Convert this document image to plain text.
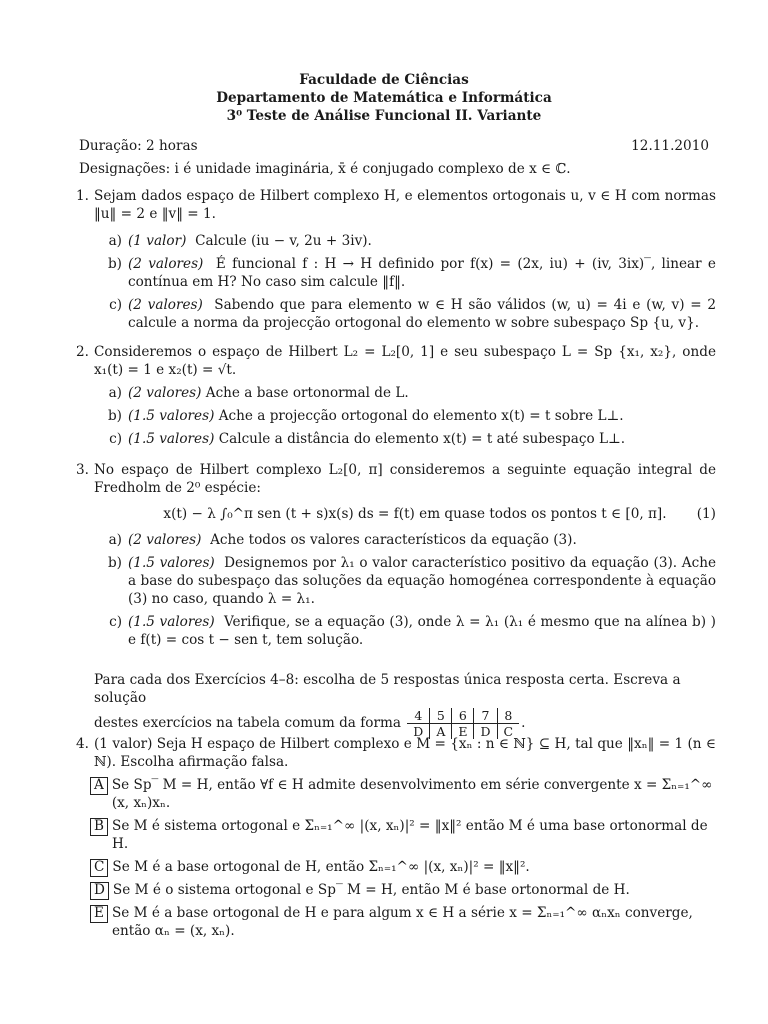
Faculdade de Ciências
Departamento de Matemática e Informática
3⁰ Teste de Análise Funcional II. Variante
Duração: 2 horas	12.11.2010
Designações: i é unidade imaginária, x̄ é conjugado complexo de x ∈ ℂ.
1. Sejam dados espaço de Hilbert complexo H, e elementos ortogonais u, v ∈ H com normas ‖u‖ = 2 e ‖v‖ = 1.
a) (1 valor) Calcule (iu − v, 2u + 3iv).
b) (2 valores) É funcional f : H → H definido por f(x) = (2x, iu) + (iv, 3ix)‾, linear e contínua em H? No caso sim calcule ‖f‖.
c) (2 valores) Sabendo que para elemento w ∈ H são válidos (w, u) = 4i e (w, v) = 2 calcule a norma da projecção ortogonal do elemento w sobre subespaço Sp {u, v}.
2. Consideremos o espaço de Hilbert L₂ = L₂[0, 1] e seu subespaço L = Sp {x₁, x₂}, onde x₁(t) = 1 e x₂(t) = √t.
a) (2 valores) Ache a base ortonormal de L.
b) (1.5 valores) Ache a projecção ortogonal do elemento x(t) = t sobre L⊥.
c) (1.5 valores) Calcule a distância do elemento x(t) = t até subespaço L⊥.
3. No espaço de Hilbert complexo L₂[0, π] consideremos a seguinte equação integral de Fredholm de 2⁰ espécie:
x(t) − λ ∫₀^π sen (t + s)x(s) ds = f(t) em quase todos os pontos t ∈ [0, π].	(1)
a) (2 valores) Ache todos os valores característicos da equação (3).
b) (1.5 valores) Designemos por λ₁ o valor característico positivo da equação (3). Ache a base do subespaço das soluções da equação homogénea correspondente à equação (3) no caso, quando λ = λ₁.
c) (1.5 valores) Verifique, se a equação (3), onde λ = λ₁ (λ₁ é mesmo que na alínea b) ) e f(t) = cos t − sen t, tem solução.
Para cada dos Exercícios 4–8: escolha de 5 respostas única resposta certa. Escreva a solução
destes exercícios na tabela comum da forma 4	5	6	7	8
D	A	E	D	C.
4. (1 valor) Seja H espaço de Hilbert complexo e M = {xₙ : n ∈ ℕ} ⊆ H, tal que ‖xₙ‖ = 1 (n ∈ ℕ). Escolha afirmação falsa.
A Se Sp‾ M = H, então ∀f ∈ H admite desenvolvimento em série convergente x = Σₙ₌₁^∞ (x, xₙ)xₙ.
B Se M é sistema ortogonal e Σₙ₌₁^∞ |(x, xₙ)|² = ‖x‖² então M é uma base ortonormal de H.
C Se M é a base ortogonal de H, então Σₙ₌₁^∞ |(x, xₙ)|² = ‖x‖².
D Se M é o sistema ortogonal e Sp‾ M = H, então M é base ortonormal de H.
E Se M é a base ortogonal de H e para algum x ∈ H a série x = Σₙ₌₁^∞ αₙxₙ converge, então αₙ = (x, xₙ).
